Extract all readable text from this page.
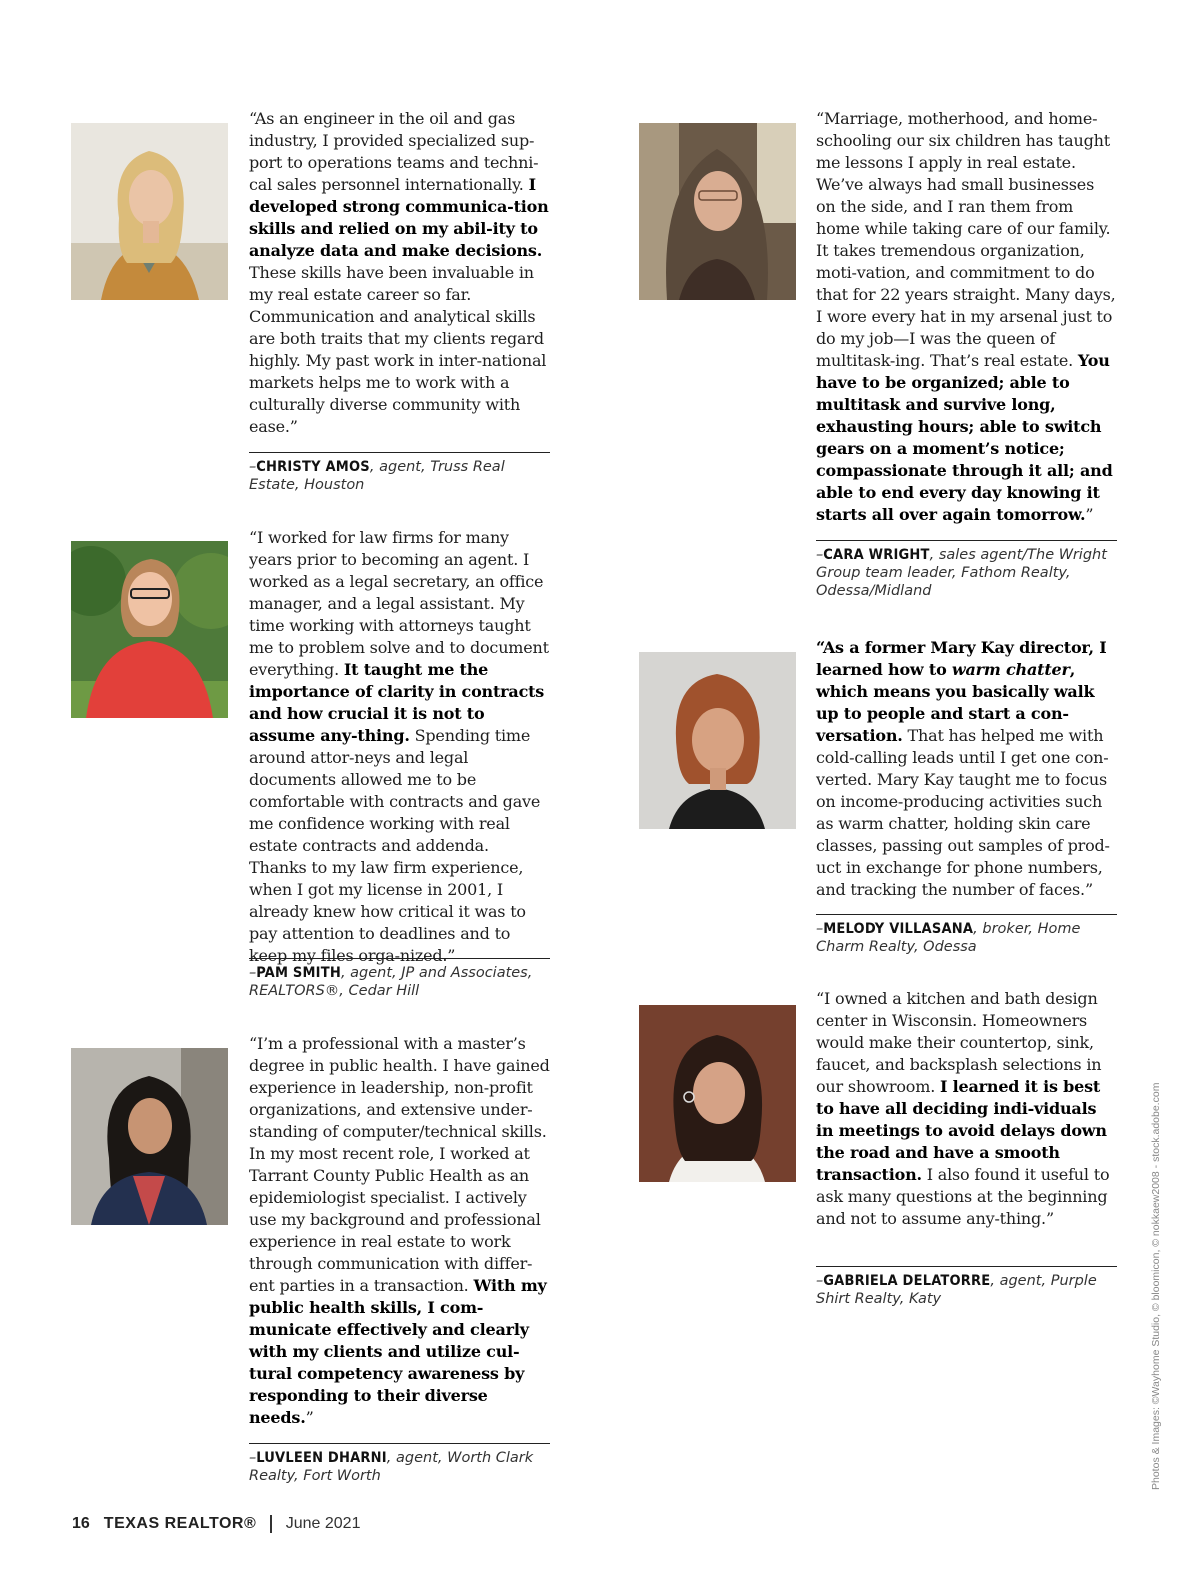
“As an engineer in the oil and gas industry, I provided specialized sup-port to operations teams and techni-cal sales personnel internationally. I developed strong communica-tion skills and relied on my abil-ity to analyze data and make decisions. These skills have been invaluable in my real estate career so far. Communication and analytical skills are both traits that my clients regard highly. My past work in inter-national markets helps me to work with a culturally diverse community with ease.”
–CHRISTY AMOS, agent, Truss Real Estate, Houston
“I worked for law firms for many years prior to becoming an agent. I worked as a legal secretary, an office manager, and a legal assistant. My time working with attorneys taught me to problem solve and to document everything. It taught me the importance of clarity in contracts and how crucial it is not to assume any-thing. Spending time around attor-neys and legal documents allowed me to be comfortable with contracts and gave me confidence working with real estate contracts and addenda. Thanks to my law firm experience, when I got my license in 2001, I already knew how critical it was to pay attention to deadlines and to keep my files orga-nized.”
–PAM SMITH, agent, JP and Associates, REALTORS®, Cedar Hill
“I’m a professional with a master’s degree in public health. I have gained experience in leadership, non-profit organizations, and extensive under-standing of computer/technical skills. In my most recent role, I worked at Tarrant County Public Health as an epidemiologist specialist. I actively use my background and professional experience in real estate to work through communication with differ-ent parties in a transaction. With my public health skills, I com-municate effectively and clearly with my clients and utilize cul-tural competency awareness by responding to their diverse needs.”
–LUVLEEN DHARNI, agent, Worth Clark Realty, Fort Worth
“Marriage, motherhood, and home-schooling our six children has taught me lessons I apply in real estate. We’ve always had small businesses on the side, and I ran them from home while taking care of our family. It takes tremendous organization, moti-vation, and commitment to do that for 22 years straight. Many days, I wore every hat in my arsenal just to do my job—I was the queen of multitask-ing. That’s real estate. You have to be organized; able to multitask and survive long, exhausting hours; able to switch gears on a moment’s notice; compassionate through it all; and able to end every day knowing it starts all over again tomorrow.”
–CARA WRIGHT, sales agent/The Wright Group team leader, Fathom Realty, Odessa/Midland
“As a former Mary Kay director, I learned how to warm chatter, which means you basically walk up to people and start a con-versation. That has helped me with cold-calling leads until I get one con-verted. Mary Kay taught me to focus on income-producing activities such as warm chatter, holding skin care classes, passing out samples of prod-uct in exchange for phone numbers, and tracking the number of faces.”
–MELODY VILLASANA, broker, Home Charm Realty, Odessa
“I owned a kitchen and bath design center in Wisconsin. Homeowners would make their countertop, sink, faucet, and backsplash selections in our showroom. I learned it is best to have all deciding indi-viduals in meetings to avoid delays down the road and have a smooth transaction. I also found it useful to ask many questions at the beginning and not to assume any-thing.”
–GABRIELA DELATORRE, agent, Purple Shirt Realty, Katy
16 TEXAS REALTOR® June 2021
Photos & Images: ©Wayhome Studio, © bloomicon, © nokkaew2008 - stock.adobe.com
